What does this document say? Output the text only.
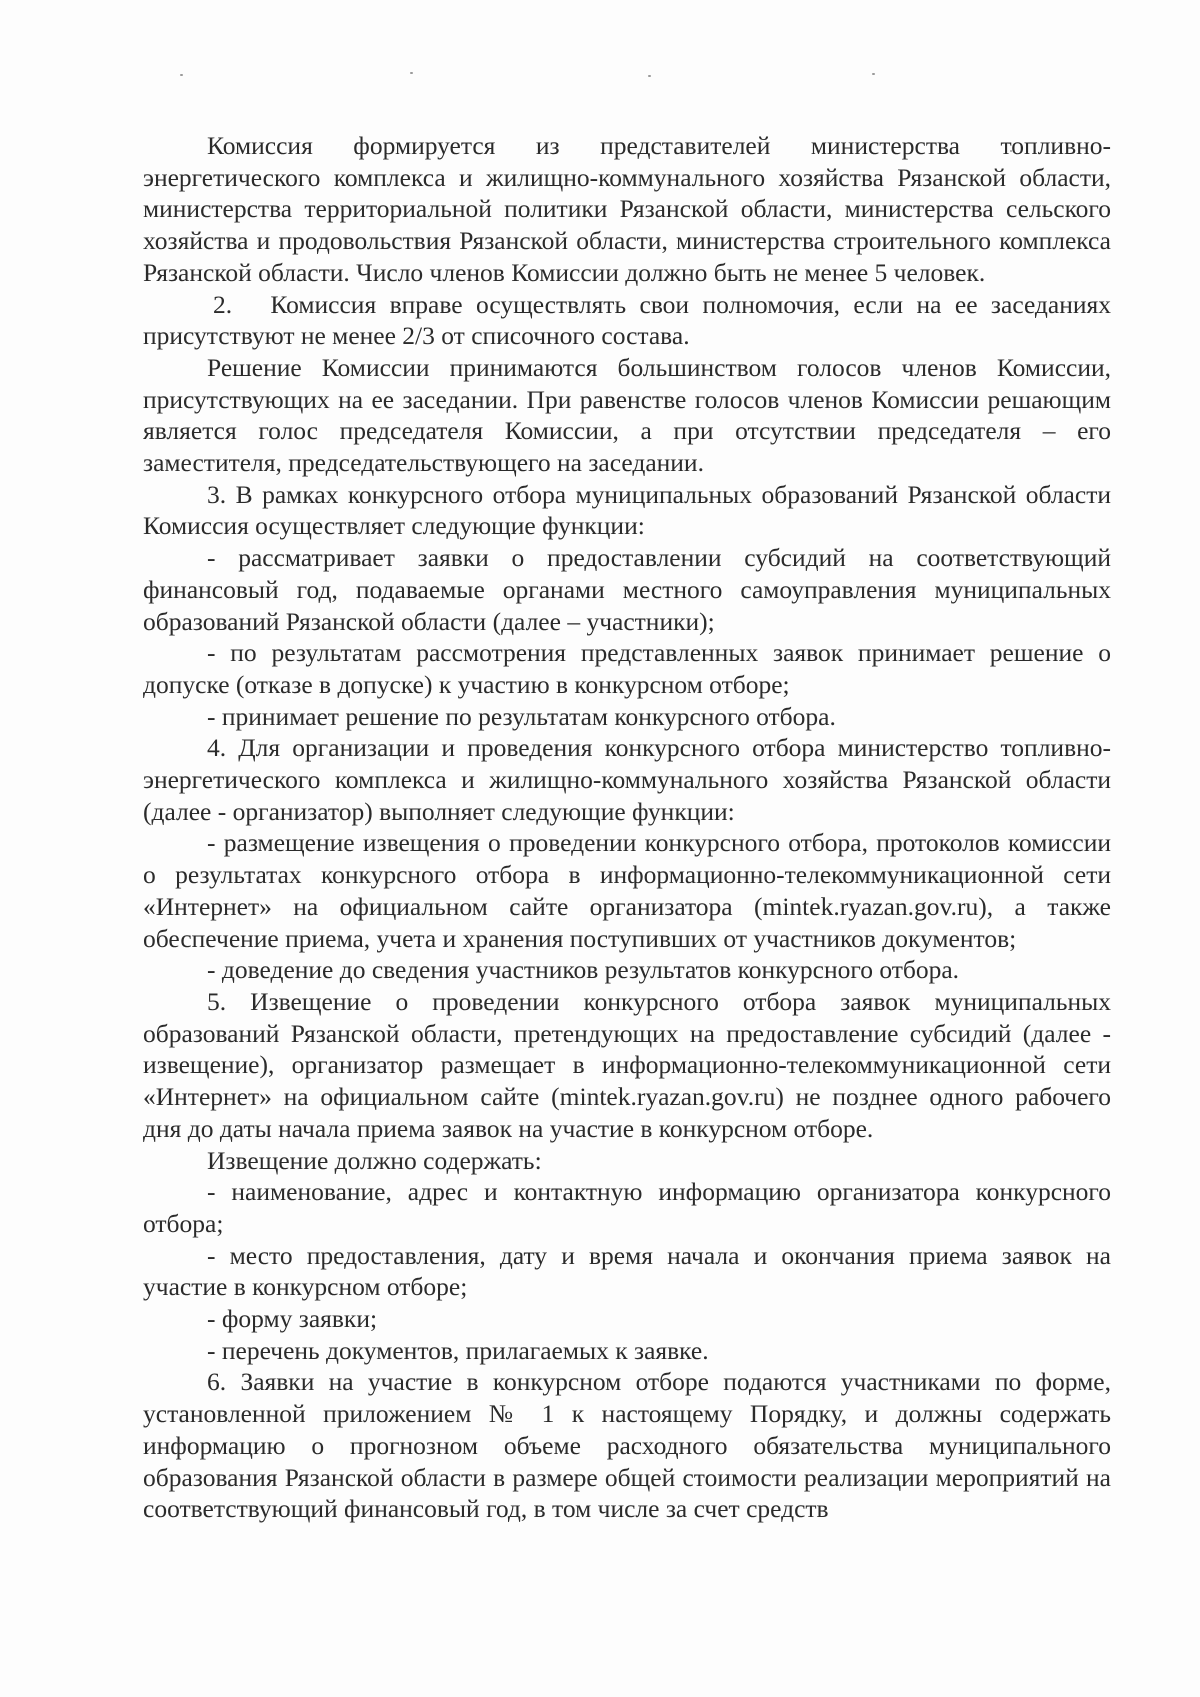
Комиссия формируется из представителей министерства топливно-энергетического комплекса и жилищно-коммунального хозяйства Рязанской области, министерства территориальной политики Рязанской области, министерства сельского хозяйства и продовольствия Рязанской области, министерства строительного комплекса Рязанской области. Число членов Комиссии должно быть не менее 5 человек.

2.  Комиссия вправе осуществлять свои полномочия, если на ее заседаниях присутствуют не менее 2/3 от списочного состава.

Решение Комиссии принимаются большинством голосов членов Комиссии, присутствующих на ее заседании. При равенстве голосов членов Комиссии решающим является голос председателя Комиссии, а при отсутствии председателя – его заместителя, председательствующего на заседании.

3. В рамках конкурсного отбора муниципальных образований Рязанской области Комиссия осуществляет следующие функции:

- рассматривает заявки о предоставлении субсидий на соответствующий финансовый год, подаваемые органами местного самоуправления муниципальных образований Рязанской области (далее – участники);

- по результатам рассмотрения представленных заявок принимает решение о допуске (отказе в допуске) к участию в конкурсном отборе;

- принимает решение по результатам конкурсного отбора.

4. Для организации и проведения конкурсного отбора министерство топливно-энергетического комплекса и жилищно-коммунального хозяйства Рязанской области (далее - организатор) выполняет следующие функции:

- размещение извещения о проведении конкурсного отбора, протоколов комиссии о результатах конкурсного отбора в информационно-телекоммуникационной сети «Интернет» на официальном сайте организатора (mintek.ryazan.gov.ru), а также обеспечение приема, учета и хранения поступивших от участников документов;

- доведение до сведения участников результатов конкурсного отбора.

5. Извещение о проведении конкурсного отбора заявок муниципальных образований Рязанской области, претендующих на предоставление субсидий (далее - извещение), организатор размещает в информационно-телекоммуникационной сети «Интернет» на официальном сайте (mintek.ryazan.gov.ru) не позднее одного рабочего дня до даты начала приема заявок на участие в конкурсном отборе.

Извещение должно содержать:

- наименование, адрес и контактную информацию организатора конкурсного отбора;

- место предоставления, дату и время начала и окончания приема заявок на участие в конкурсном отборе;

- форму заявки;

- перечень документов, прилагаемых к заявке.

6. Заявки на участие в конкурсном отборе подаются участниками по форме, установленной приложением № 1 к настоящему Порядку, и должны содержать информацию о прогнозном объеме расходного обязательства муниципального образования Рязанской области в размере общей стоимости реализации мероприятий на соответствующий финансовый год, в том числе за счет средств
